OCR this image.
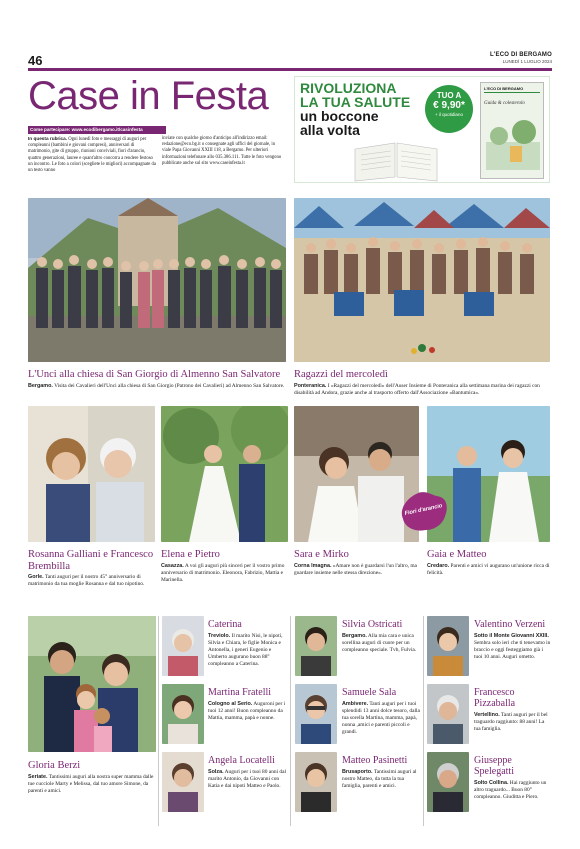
46	L'ECO DI BERGAMO
LUNEDÌ 1 LUGLIO 2024
Case in Festa
Come partecipare: www.ecodibergamo.it/casinfesta
In questa rubrica. Ogni lunedì foto e messaggi di auguri per compleanni (bambini e giovani compresi), anniversari di matrimonio, gite di gruppo, riunioni conviviali, fiori d'arancio, quattro generazioni, lauree e quant'altro concorra a rendere festoso un incontro. Le foto a colori (scegliete le migliori) accompagnate da un testo vanno
inviate con qualche giorno d'anticipo all'indirizzo email: redazione@eco.bg.it o consegnate agli uffici del giornale, in viale Papa Giovanni XXIII 118, a Bergamo. Per ulteriori informazioni telefonare allo 035.386.111. Tutte le foto vengono pubblicate anche sul sito www.caseinfesta.it
RIVOLUZIONA
LA TUA SALUTE
un boccone
alla volta
TUO A
€ 9,90*
+ il quotidiano
L'ECO DI BERGAMO
Guida & colesterolo
L'Unci alla chiesa di San Giorgio di Almenno San Salvatore
Bergamo. Visita dei Cavalieri dell'Unci alla chiesa di San Giorgio (Patrono dei Cavalieri) ad Almenno San Salvatore.
Ragazzi del mercoledì
Ponteranica. I «Ragazzi del mercoledì» dell'Auser Insieme di Ponteranica alla settimana marina dei ragazzi con disabilità ad Andora, grazie anche al trasporto offerto dall'Associazione «Bantumica».
Fiori d'arancio
Rosanna Galliani e Francesco Brembilla
Gorle. Tanti auguri per il nostro 45° anniversario di matrimonio da tua moglie Rosanna e dal tuo nipotino.
Elena e Pietro
Casazza. A voi gli auguri più sinceri per il vostro primo anniversario di matrimonio. Eleonora, Fabrizio, Mattia e Marinella.
Sara e Mirko
Corna Imagna. «Amare non è guardarsi l'un l'altro, ma guardare insieme nelle stessa direzione».
Gaia e Matteo
Credaro. Parenti e amici vi augurano un'unione ricca di felicità.
Gloria Berzi
Seriate. Tantissimi auguri alla nostra super mamma dalle tue cucciole Marty e Melissa, dal tuo amore Simone, da parenti e amici.
Caterina
Treviolo. Il marito Nisi, le nipoti, Silvia e Chiara, le figlie Monica e Antonella, i generi Eugenio e Umberto augurano buon 88° compleanno a Caterina.
Martina Fratelli
Cologno al Serio. Auguroni per i tuoi 12 anni! Buon compleanno da Mattia, mamma, papà e nonne.
Angela Locatelli
Solza. Auguri per i tuoi 80 anni dal marito Antonio, da Giovanni con Katia e dai nipoti Matteo e Paolo.
Silvia Ostricati
Bergamo. Alla mia cara e unica sorellina auguri di cuore per un compleanno speciale. Tvb, Fulvia.
Samuele Sala
Ambivere. Tanti auguri per i tuoi splendidi 13 anni dolce tesoro, dalla tua sorella Martina, mamma, papà, nonna ,amici e parenti piccoli e grandi.
Matteo Pasinetti
Brusaporto. Tantissimi auguri al nostro Matteo, da tutta la tua famiglia, parenti e amici.
Valentino Verzeni
Sotto il Monte Giovanni XXIII. Sembra solo ieri che ti tenevamo in braccio e oggi festeggiamo già i tuoi 10 anni. Auguri ometto.
Francesco Pizzaballa
Vertellino. Tanti auguri per il bel traguardo raggiunto: 88 anni! La tua famiglia.
Giuseppe Spelegatti
Solto Collina. Hai raggiunto un altro traguardo... Buon 80° compleanno. Giuditta e Piero.
